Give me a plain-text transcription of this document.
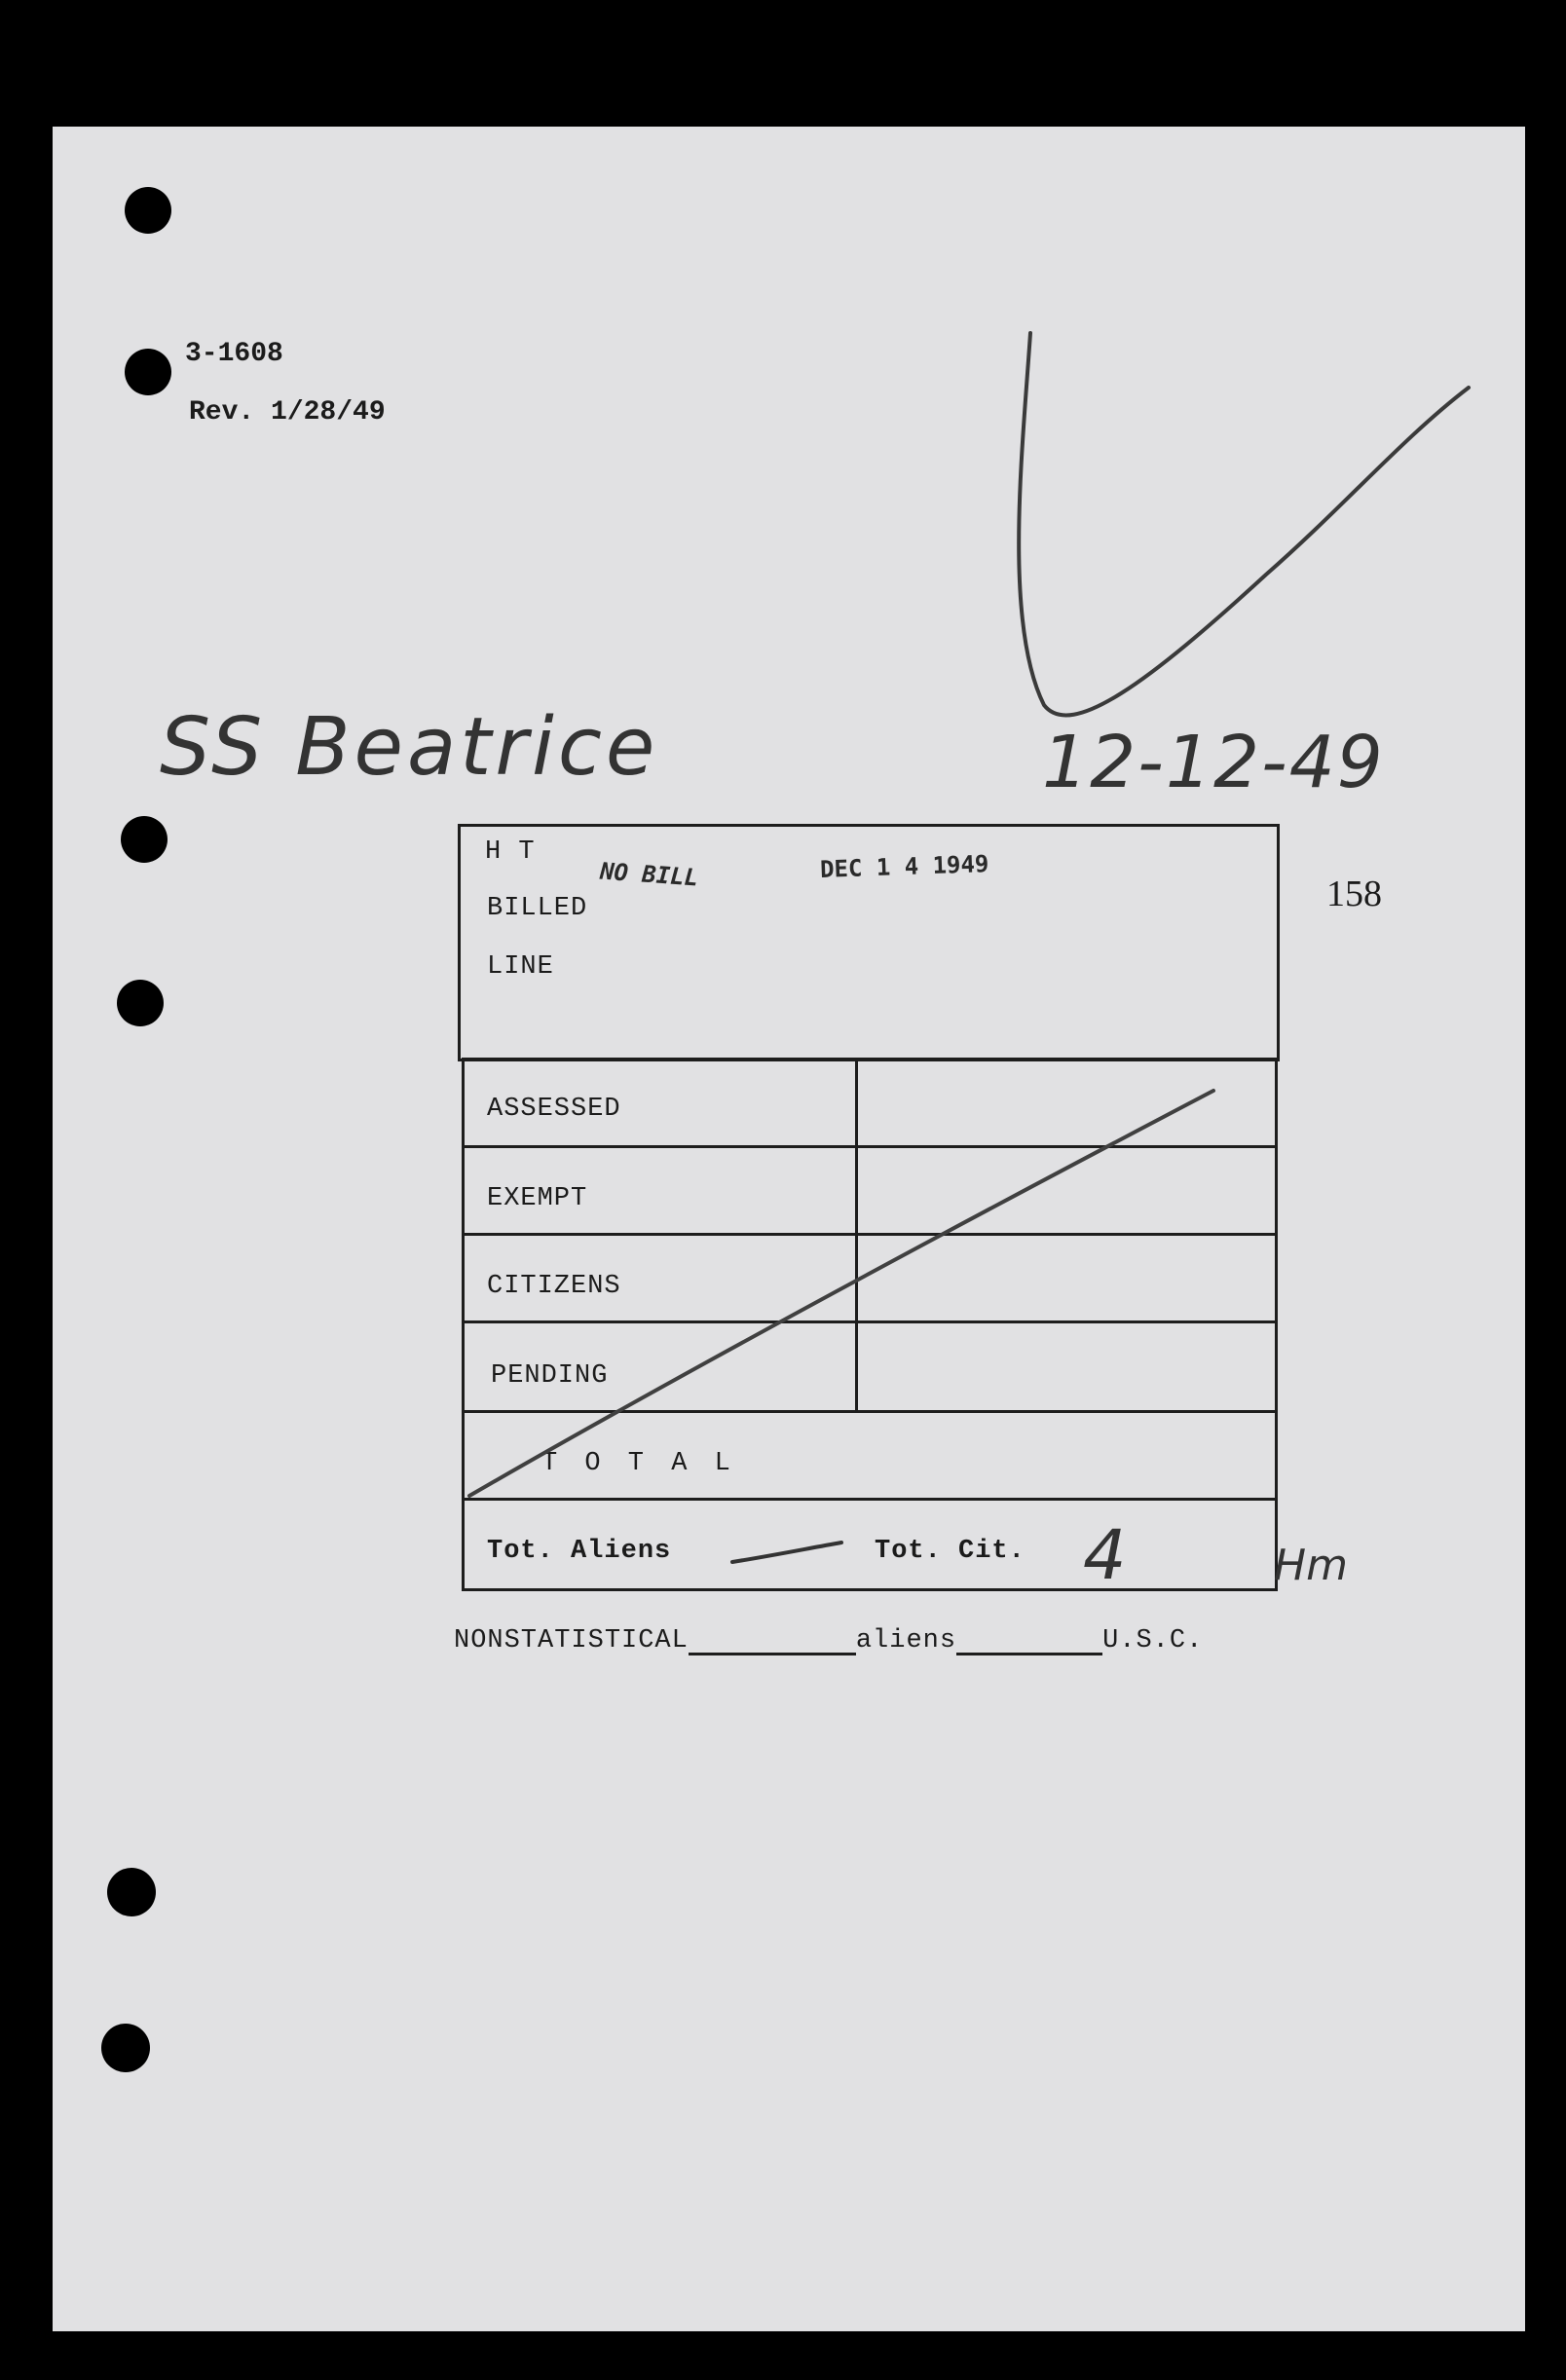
3-1608
Rev. 1/28/49
SS Beatrice	12-12-49
158
H T
BILLED
LINE
NO BILL	DEC 1 4 1949
ASSESSED
EXEMPT
CITIZENS
PENDING
T O T A L
Tot. Aliens	Tot. Cit. 4	Hm
NONSTATISTICAL	aliens	U.S.C.
